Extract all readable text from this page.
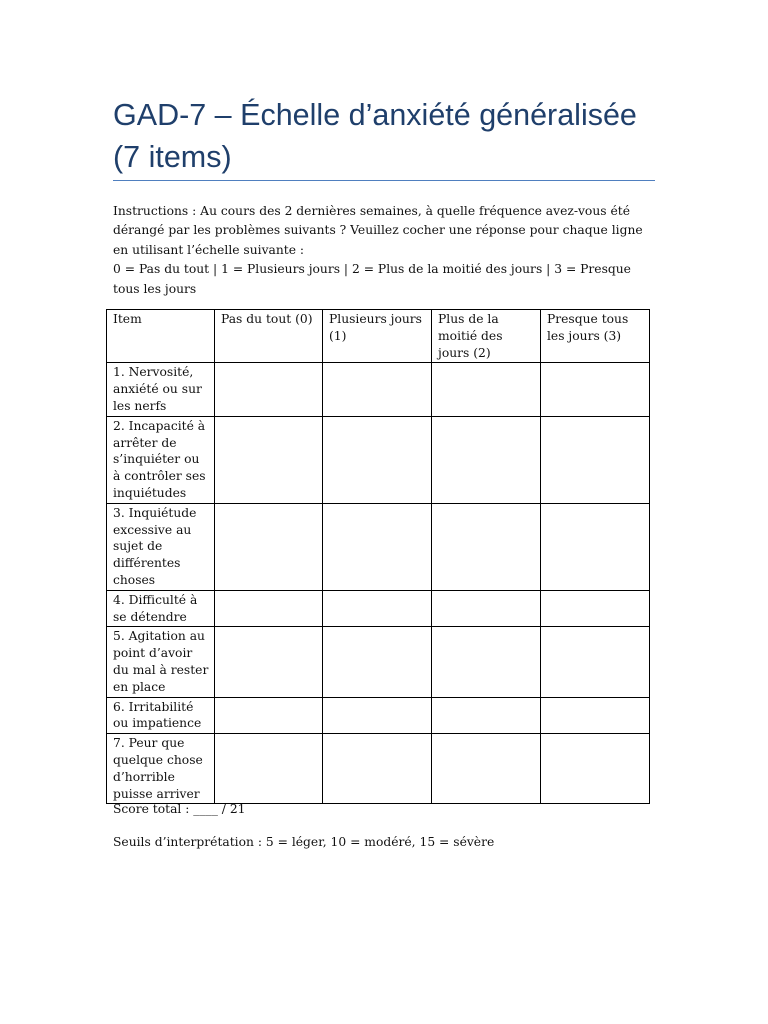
GAD-7 – Échelle d’anxiété généralisée (7 items)

Instructions : Au cours des 2 dernières semaines, à quelle fréquence avez-vous été dérangé par les problèmes suivants ? Veuillez cocher une réponse pour chaque ligne en utilisant l’échelle suivante :

0 = Pas du tout | 1 = Plusieurs jours | 2 = Plus de la moitié des jours | 3 = Presque tous les jours

Item	Pas du tout (0)	Plusieurs jours (1)	Plus de la moitié des jours (2)	Presque tous les jours (3)
1. Nervosité, anxiété ou sur les nerfs				
2. Incapacité à arrêter de s’inquiéter ou à contrôler ses inquiétudes				
3. Inquiétude excessive au sujet de différentes choses				
4. Difficulté à se détendre				
5. Agitation au point d’avoir du mal à rester en place				
6. Irritabilité ou impatience				
7. Peur que quelque chose d’horrible puisse arriver				

Score total : ____ / 21

Seuils d’interprétation : 5 = léger, 10 = modéré, 15 = sévère
